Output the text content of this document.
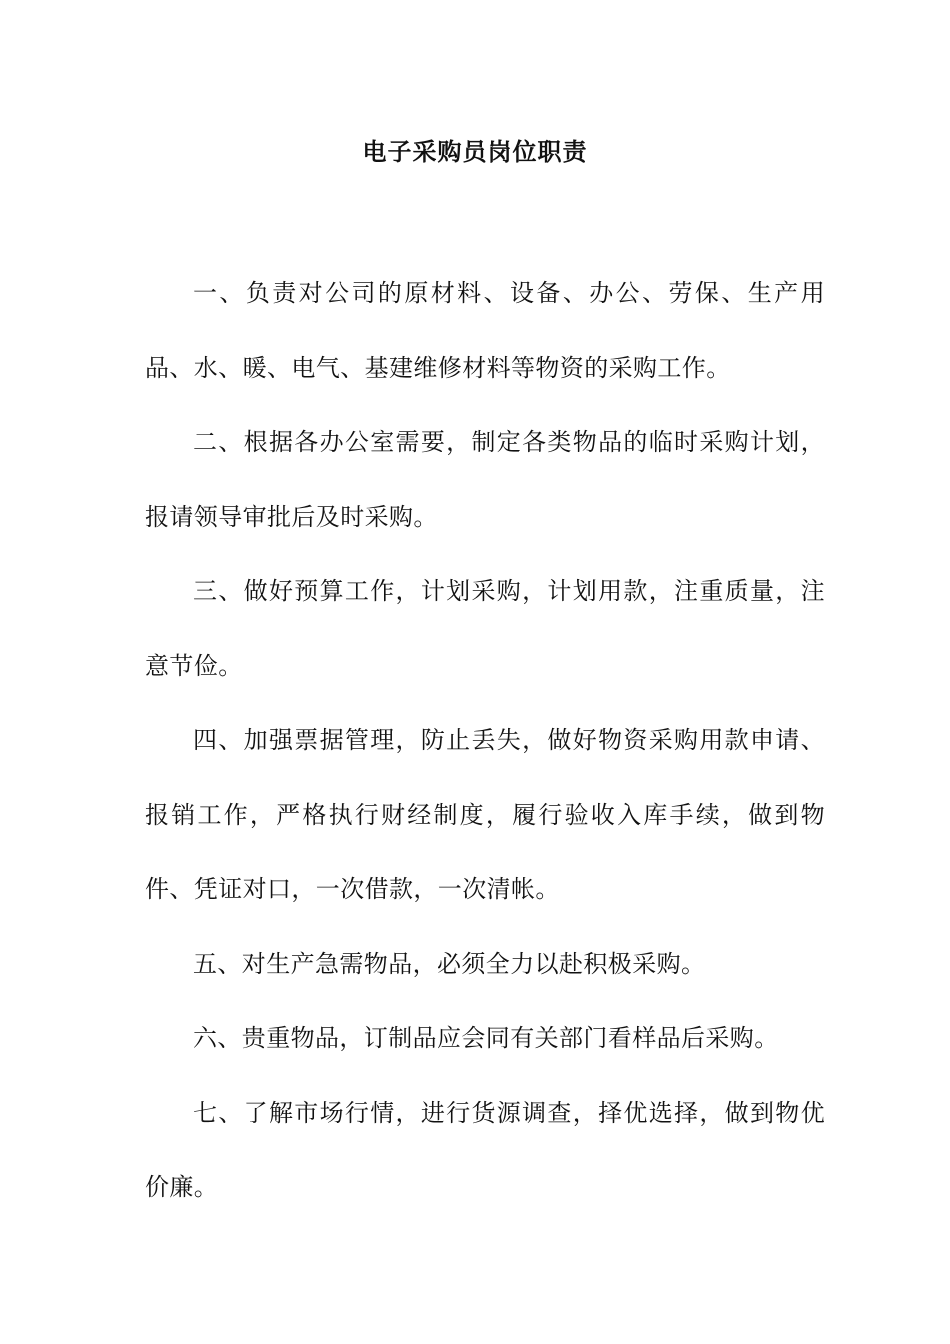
电子采购员岗位职责

一、负责对公司的原材料、设备、办公、劳保、生产用品、水、暖、电气、基建维修材料等物资的采购工作。

二、根据各办公室需要，制定各类物品的临时采购计划，报请领导审批后及时采购。

三、做好预算工作，计划采购，计划用款，注重质量，注意节俭。

四、加强票据管理，防止丢失，做好物资采购用款申请、报销工作，严格执行财经制度，履行验收入库手续，做到物件、凭证对口，一次借款，一次清帐。

五、对生产急需物品，必须全力以赴积极采购。

六、贵重物品，订制品应会同有关部门看样品后采购。

七、了解市场行情，进行货源调查，择优选择，做到物优价廉。
